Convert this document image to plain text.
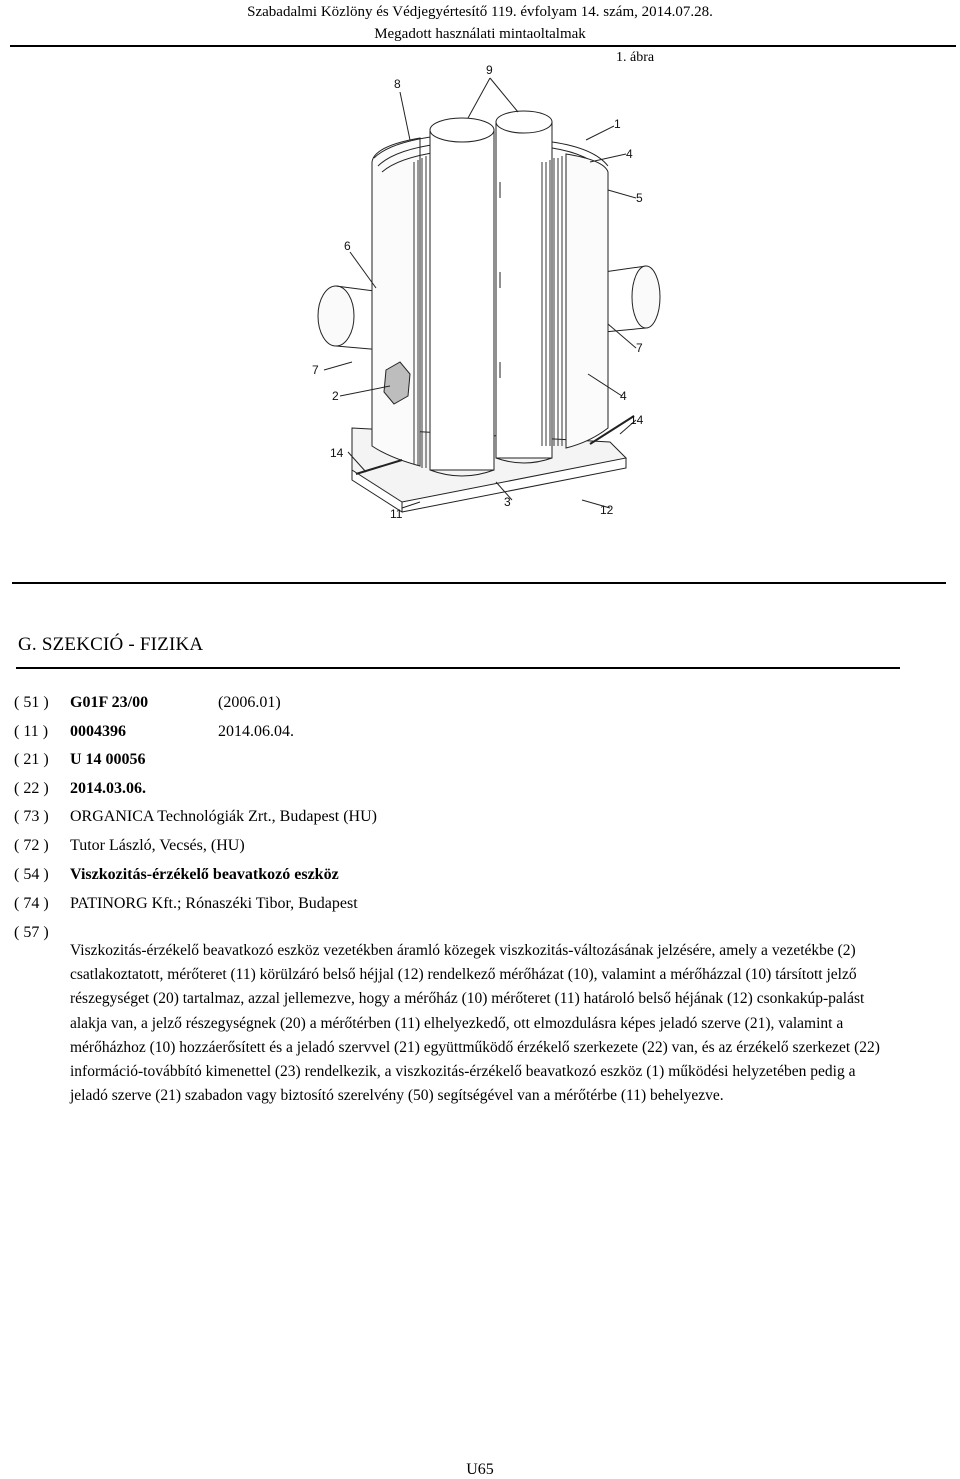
Szabadalmi Közlöny és Védjegyértesítő 119. évfolyam 14. szám, 2014.07.28.
Megadott használati mintaoltalmak
1. ábra
8
9
1
4
5
6
7
7
2	4
14
14
11
3
12
G. SZEKCIÓ - FIZIKA
( 51 ) G01F 23/00	(2006.01)
( 11 ) 0004396	2014.06.04.
( 21 ) U 14 00056
( 22 ) 2014.03.06.
( 73 ) ORGANICA Technológiák Zrt., Budapest (HU)
( 72 ) Tutor László, Vecsés, (HU)
( 54 ) Viszkozitás-érzékelő beavatkozó eszköz
( 74 ) PATINORG Kft.; Rónaszéki Tibor, Budapest
( 57 )
Viszkozitás-érzékelő beavatkozó eszköz vezetékben áramló közegek viszkozitás-változásának jelzésére, amely a vezetékbe (2) csatlakoztatott, mérőteret (11) körülzáró belső héjjal (12) rendelkező mérőházat (10), valamint a mérőházzal (10) társított jelző részegységet (20) tartalmaz, azzal jellemezve, hogy a mérőház (10) mérőteret (11) határoló belső héjának (12) csonkakúp-palást alakja van, a jelző részegységnek (20) a mérőtérben (11) elhelyezkedő, ott elmozdulásra képes jeladó szerve (21), valamint a mérőházhoz (10) hozzáerősített és a jeladó szervvel (21) együttműködő érzékelő szerkezete (22) van, és az érzékelő szerkezet (22) információ-továbbító kimenettel (23) rendelkezik, a viszkozitás-érzékelő beavatkozó eszköz (1) működési helyzetében pedig a jeladó szerve (21) szabadon vagy biztosító szerelvény (50) segítségével van a mérőtérbe (11) behelyezve.
U65
